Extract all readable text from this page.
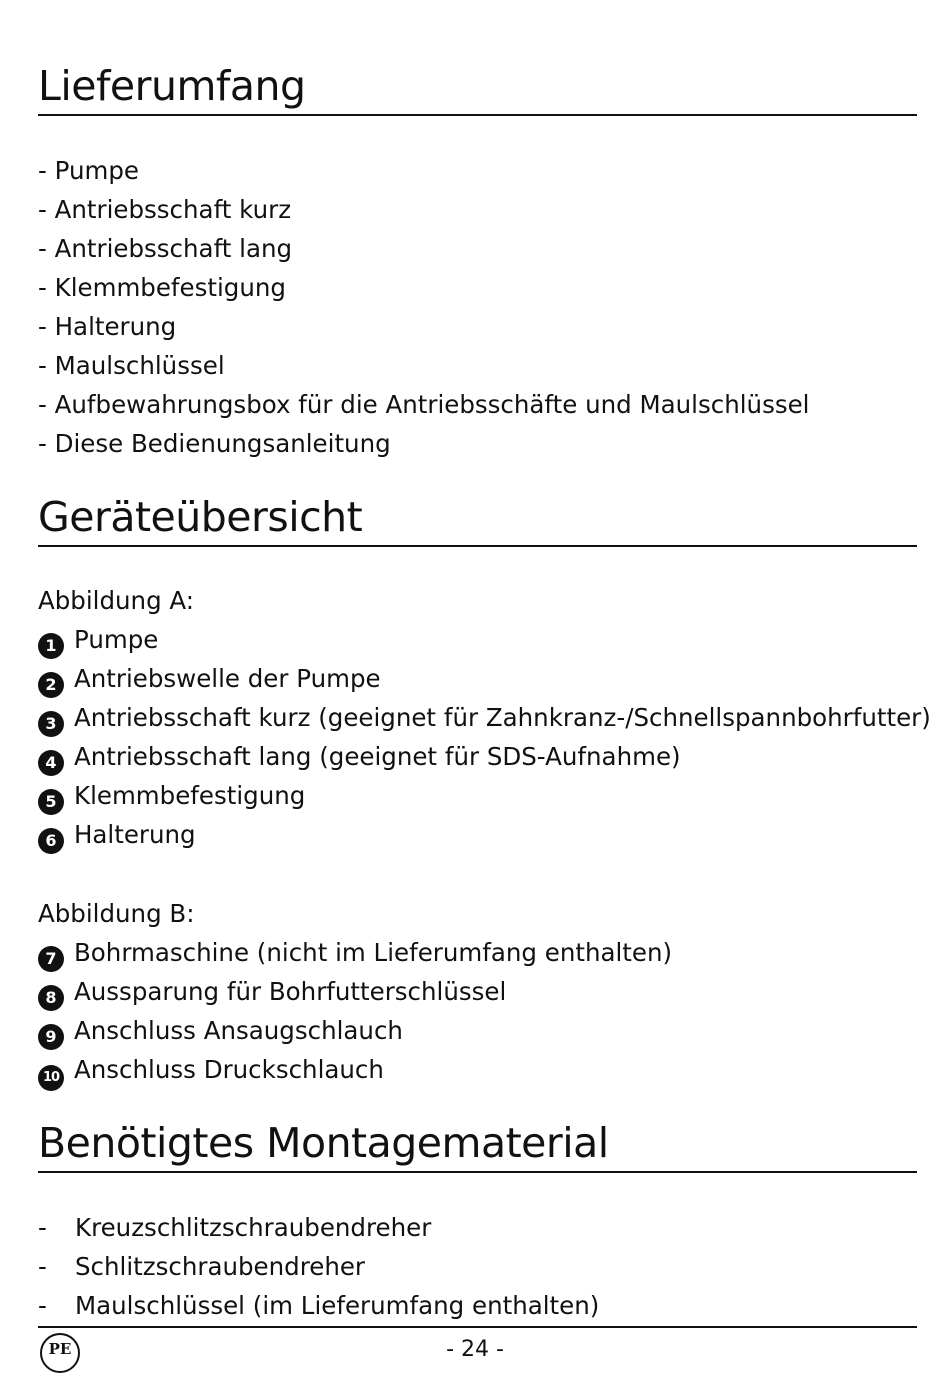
Lieferumfang
- Pumpe
- Antriebsschaft kurz
- Antriebsschaft lang
- Klemmbefestigung
- Halterung
- Maulschlüssel
- Aufbewahrungsbox für die Antriebsschäfte und Maulschlüssel
- Diese Bedienungsanleitung
Geräteübersicht
Abbildung A:
1 Pumpe
2 Antriebswelle der Pumpe
3 Antriebsschaft kurz (geeignet für Zahnkranz-/Schnellspannbohrfutter)
4 Antriebsschaft lang (geeignet für SDS-Aufnahme)
5 Klemmbefestigung
6 Halterung
Abbildung B:
7 Bohrmaschine (nicht im Lieferumfang enthalten)
8 Aussparung für Bohrfutterschlüssel
9 Anschluss Ansaugschlauch
10 Anschluss Druckschlauch
Benötigtes Montagematerial
- Kreuzschlitzschraubendreher
- Schlitzschraubendreher
- Maulschlüssel (im Lieferumfang enthalten)
PE	- 24 -
